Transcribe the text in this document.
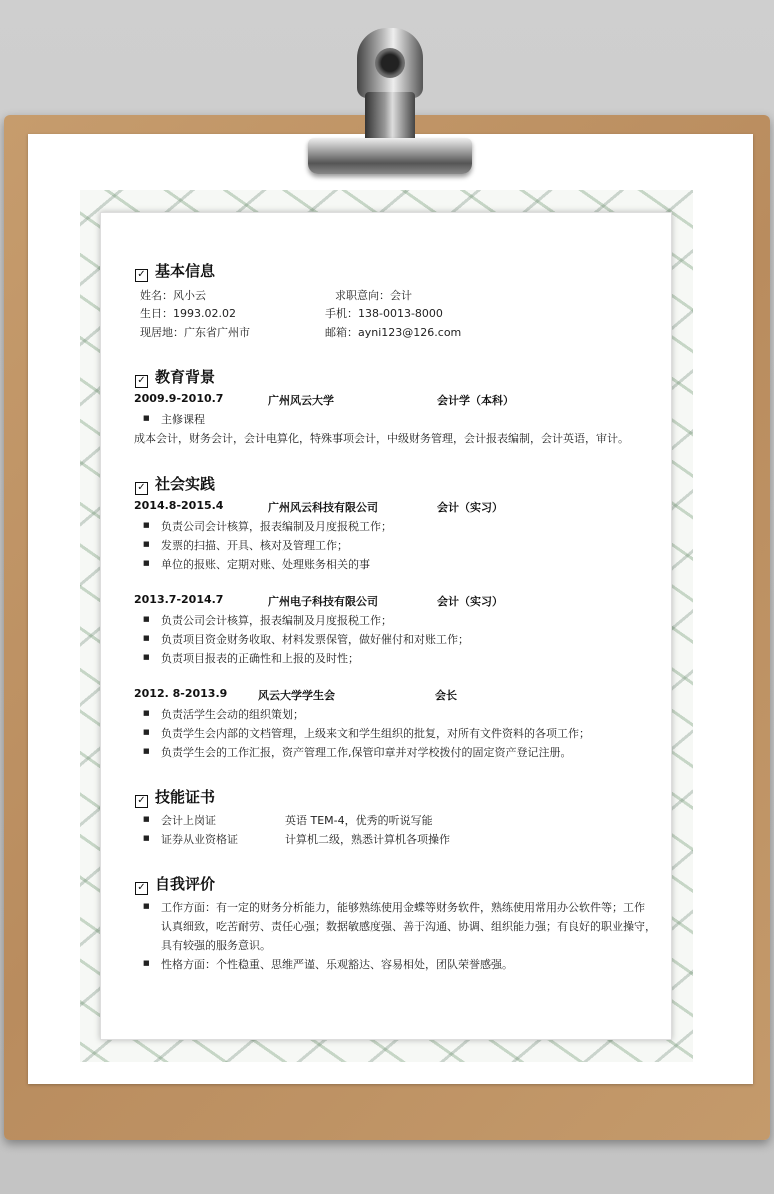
✓ 基本信息
姓名：风小云	求职意向：会计
生日：1993.02.02	手机：138-0013-8000
现居地：广东省广州市	邮箱：ayni123@126.com
✓ 教育背景
2009.9-2010.7	广州风云大学	会计学（本科）
■ 主修课程
成本会计，财务会计，会计电算化，特殊事项会计，中级财务管理，会计报表编制，会计英语，审计。
✓ 社会实践
2014.8-2015.4	广州风云科技有限公司	会计（实习）
■ 负责公司会计核算，报表编制及月度报税工作；
■ 发票的扫描、开具、核对及管理工作；
■ 单位的报账、定期对账、处理账务相关的事
2013.7-2014.7	广州电子科技有限公司	会计（实习）
■ 负责公司会计核算，报表编制及月度报税工作；
■ 负责项目资金财务收取、材料发票保管，做好催付和对账工作；
■ 负责项目报表的正确性和上报的及时性；
2012. 8-2013.9	风云大学学生会	会长
■ 负责活学生会动的组织策划；
■ 负责学生会内部的文档管理，上级来文和学生组织的批复，对所有文件资料的各项工作；
■ 负责学生会的工作汇报，资产管理工作,保管印章并对学校拨付的固定资产登记注册。
✓ 技能证书
■ 会计上岗证	英语 TEM-4，优秀的听说写能
■ 证券从业资格证	计算机二级，熟悉计算机各项操作
✓ 自我评价
■ 工作方面：有一定的财务分析能力，能够熟练使用金蝶等财务软件，熟练使用常用办公软件等；工作
认真细致，吃苦耐劳、责任心强；数据敏感度强、善于沟通、协调、组织能力强；有良好的职业操守，
具有较强的服务意识。
■ 性格方面：个性稳重、思维严谨、乐观豁达、容易相处，团队荣誉感强。
